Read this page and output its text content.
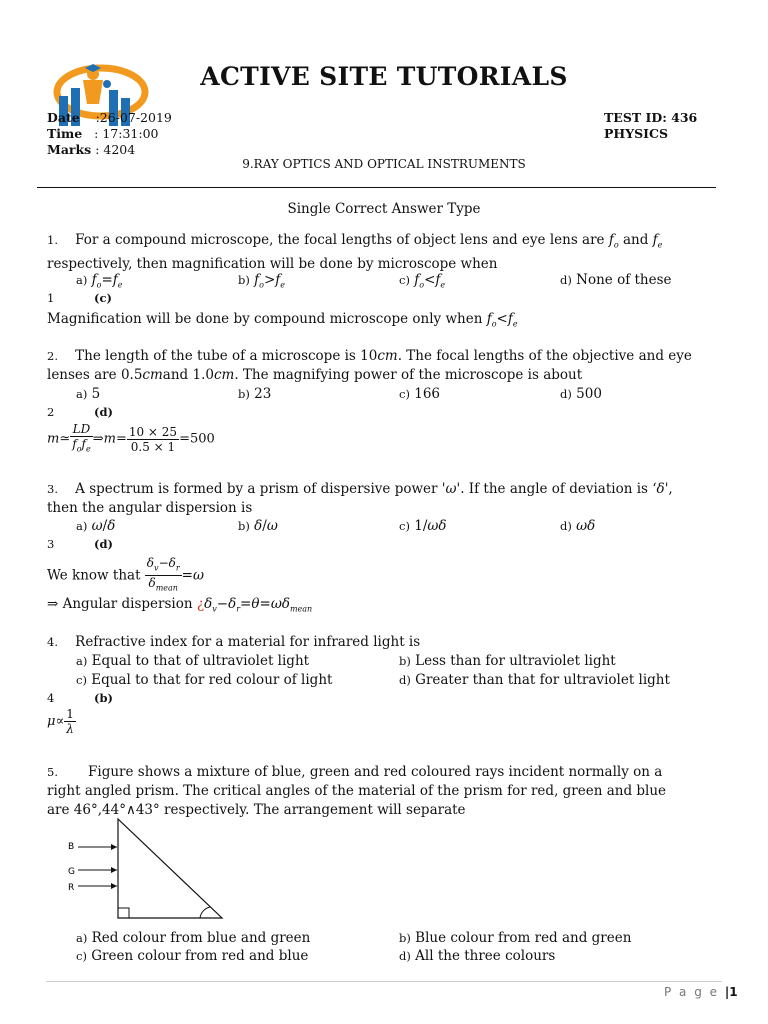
ACTIVE SITE TUTORIALS
Date :26-07-2019
Time : 17:31:00
Marks : 4204
TEST ID: 436
PHYSICS
9.RAY OPTICS AND OPTICAL INSTRUMENTS
Single Correct Answer Type
1. For a compound microscope, the focal lengths of object lens and eye lens are $f_o$ and $f_e$
respectively, then magnification will be done by microscope when
a) $f_o=f_e$	b) $f_o>f_e$	c) $f_o<f_e$	d) None of these
1	(c)
Magnification will be done by compound microscope only when $f_o<f_e$
2. The length of the tube of a microscope is 10cm. The focal lengths of the objective and eye
lenses are 0.5cmand 1.0cm. The magnifying power of the microscope is about
a) 5	b) 23	c) 166	d) 500
2	(d)
m≃ $\frac{LD}{f_of_e}$ ⇒m= $\frac{10 \times 25}{0.5 \times 1} =500$
3. A spectrum is formed by a prism of dispersive power 'ω'. If the angle of deviation is ‘δ',
then the angular dispersion is
a) ω/δ	b) δ/ω	c) 1/ωδ	d) ωδ
3	(d)
We know that $\frac{\delta_v-\delta_r}{\delta_{mean}} =\omega$
⇒ Angular dispersion ¿$\delta_v-\delta_r=\theta=\omega\delta_{mean}$
4. Refractive index for a material for infrared light is
a) Equal to that of ultraviolet light	b) Less than for ultraviolet light
c) Equal to that for red colour of light	d) Greater than that for ultraviolet light
4	(b)
$\mu\propto \frac{1}{\lambda}$
5. Figure shows a mixture of blue, green and red coloured rays incident normally on a
right angled prism. The critical angles of the material of the prism for red, green and blue
are 46°,44°∧43° respectively. The arrangement will separate
B
G
R
a) Red colour from blue and green	b) Blue colour from red and green
c) Green colour from red and blue	d) All the three colours
P a g e |1
